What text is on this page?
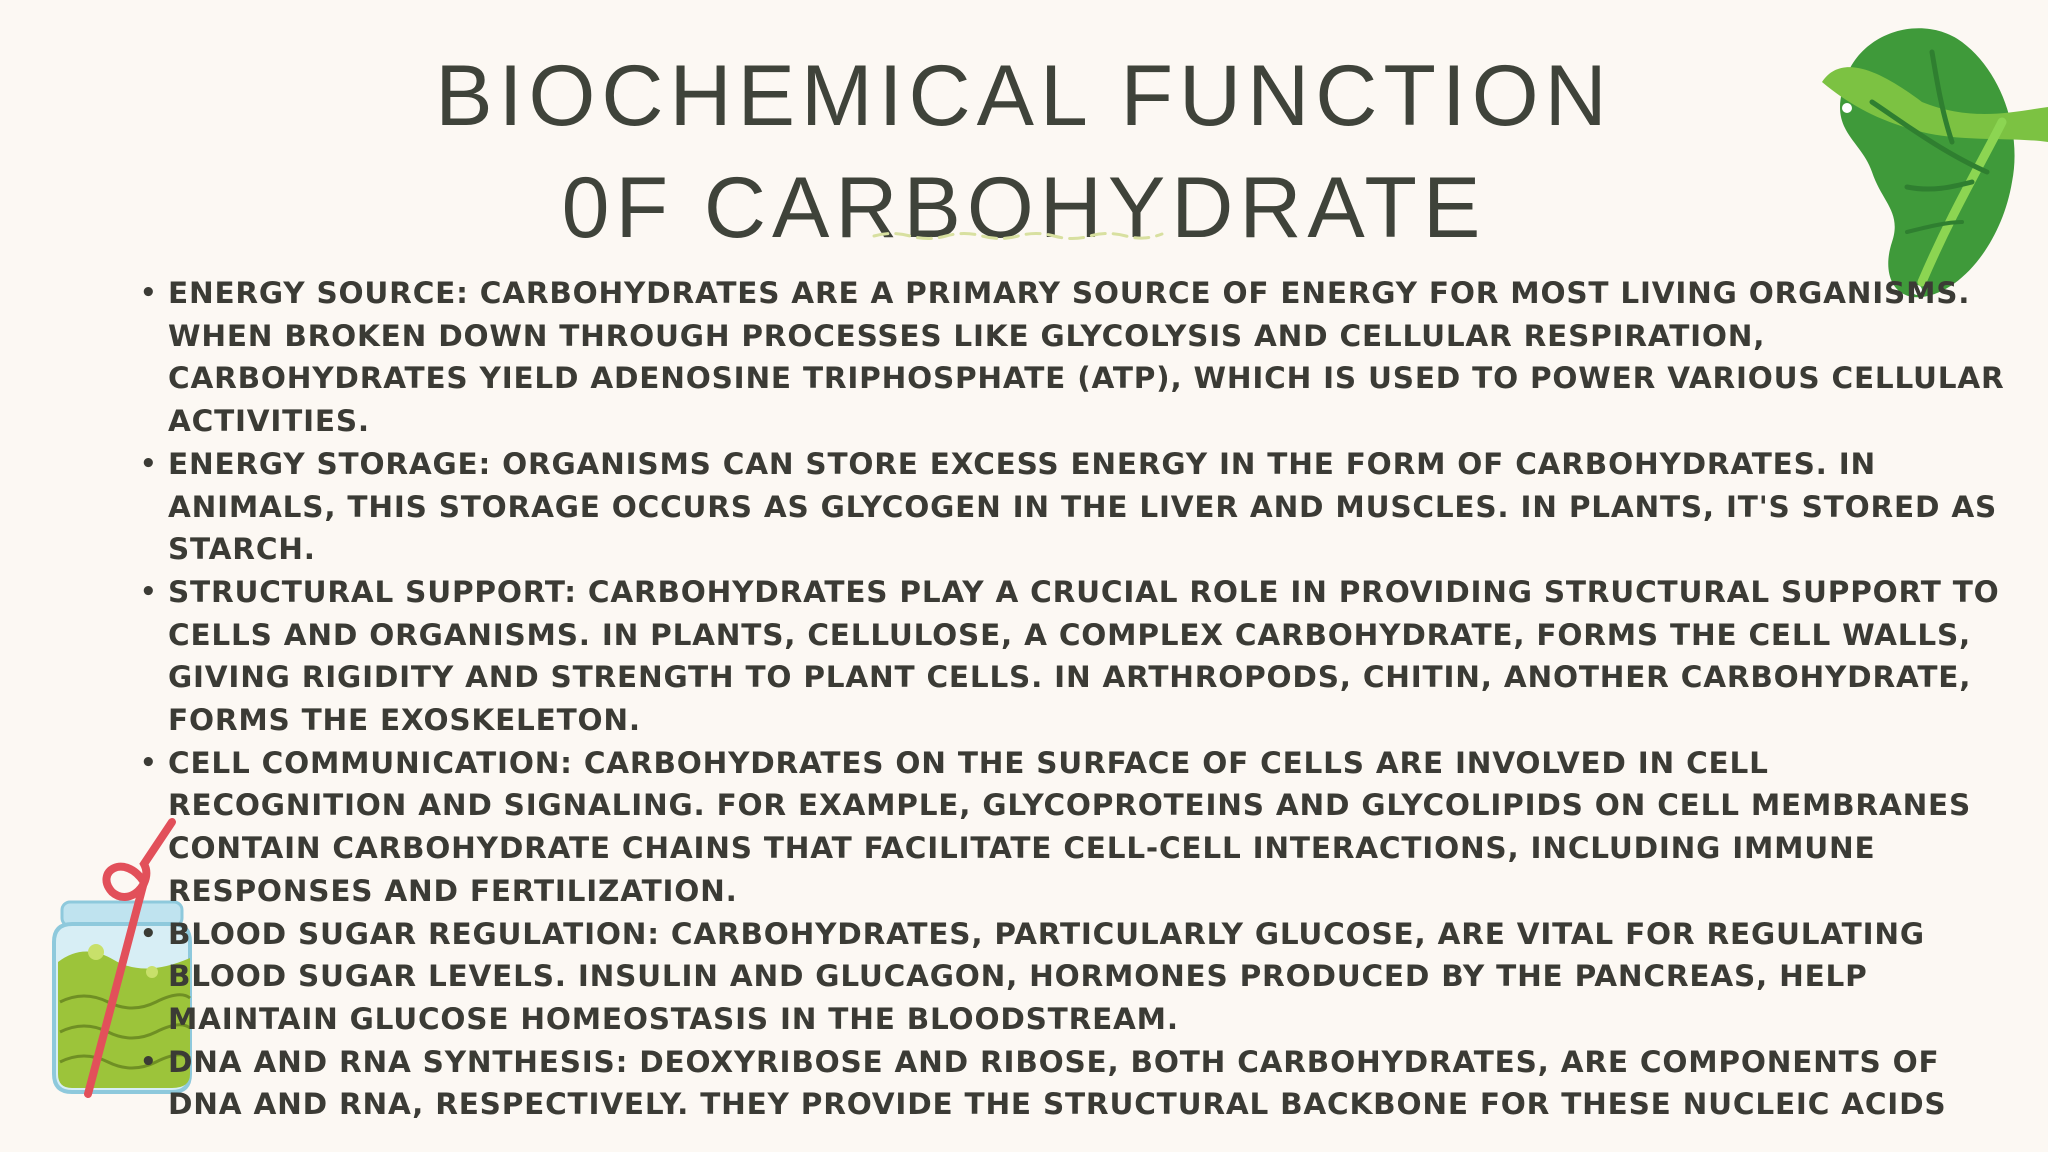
BIOCHEMICAL FUNCTION
0F CARBOHYDRATE
• ENERGY SOURCE: CARBOHYDRATES ARE A PRIMARY SOURCE OF ENERGY FOR MOST LIVING ORGANISMS. WHEN BROKEN DOWN THROUGH PROCESSES LIKE GLYCOLYSIS AND CELLULAR RESPIRATION, CARBOHYDRATES YIELD ADENOSINE TRIPHOSPHATE (ATP), WHICH IS USED TO POWER VARIOUS CELLULAR ACTIVITIES.
• ENERGY STORAGE: ORGANISMS CAN STORE EXCESS ENERGY IN THE FORM OF CARBOHYDRATES. IN ANIMALS, THIS STORAGE OCCURS AS GLYCOGEN IN THE LIVER AND MUSCLES. IN PLANTS, IT'S STORED AS STARCH.
• STRUCTURAL SUPPORT: CARBOHYDRATES PLAY A CRUCIAL ROLE IN PROVIDING STRUCTURAL SUPPORT TO CELLS AND ORGANISMS. IN PLANTS, CELLULOSE, A COMPLEX CARBOHYDRATE, FORMS THE CELL WALLS, GIVING RIGIDITY AND STRENGTH TO PLANT CELLS. IN ARTHROPODS, CHITIN, ANOTHER CARBOHYDRATE, FORMS THE EXOSKELETON.
• CELL COMMUNICATION: CARBOHYDRATES ON THE SURFACE OF CELLS ARE INVOLVED IN CELL RECOGNITION AND SIGNALING. FOR EXAMPLE, GLYCOPROTEINS AND GLYCOLIPIDS ON CELL MEMBRANES CONTAIN CARBOHYDRATE CHAINS THAT FACILITATE CELL-CELL INTERACTIONS, INCLUDING IMMUNE RESPONSES AND FERTILIZATION.
• BLOOD SUGAR REGULATION: CARBOHYDRATES, PARTICULARLY GLUCOSE, ARE VITAL FOR REGULATING BLOOD SUGAR LEVELS. INSULIN AND GLUCAGON, HORMONES PRODUCED BY THE PANCREAS, HELP MAINTAIN GLUCOSE HOMEOSTASIS IN THE BLOODSTREAM.
• DNA AND RNA SYNTHESIS: DEOXYRIBOSE AND RIBOSE, BOTH CARBOHYDRATES, ARE COMPONENTS OF DNA AND RNA, RESPECTIVELY. THEY PROVIDE THE STRUCTURAL BACKBONE FOR THESE NUCLEIC ACIDS
